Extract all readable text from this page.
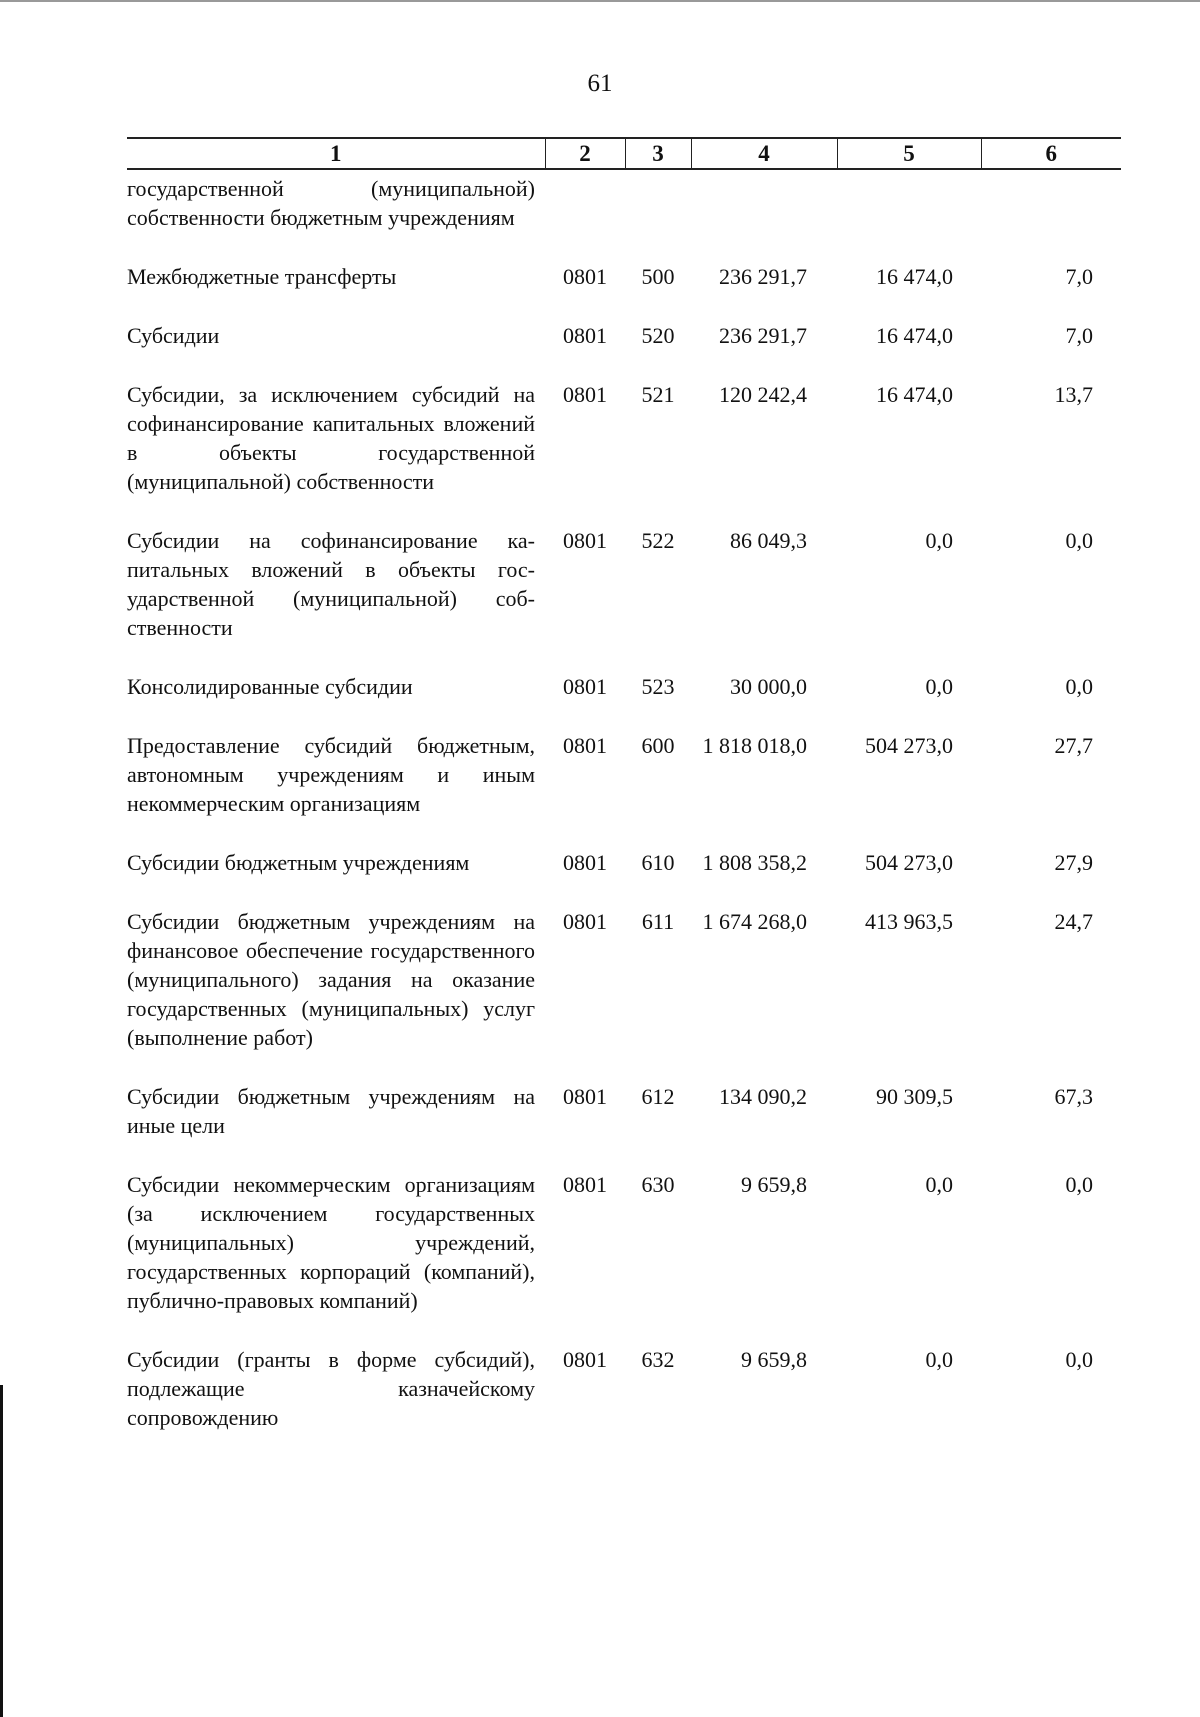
61
1	2	3	4	5	6
государственной (муниципальной) собственности бюджетным учреждениям					
Межбюджетные трансферты	0801	500	236 291,7	16 474,0	7,0
Субсидии	0801	520	236 291,7	16 474,0	7,0
Субсидии, за исключением субсидий на софинансирование капитальных вложений в объекты государственной (муниципальной) собственности	0801	521	120 242,4	16 474,0	13,7
Субсидии на софинансирование капитальных вложений в объекты государственной (муниципальной) собственности	0801	522	86 049,3	0,0	0,0
Консолидированные субсидии	0801	523	30 000,0	0,0	0,0
Предоставление субсидий бюджетным, автономным учреждениям и иным некоммерческим организациям	0801	600	1 818 018,0	504 273,0	27,7
Субсидии бюджетным учреждениям	0801	610	1 808 358,2	504 273,0	27,9
Субсидии бюджетным учреждениям на финансовое обеспечение государственного (муниципального) задания на оказание государственных (муниципальных) услуг (выполнение работ)	0801	611	1 674 268,0	413 963,5	24,7
Субсидии бюджетным учреждениям на иные цели	0801	612	134 090,2	90 309,5	67,3
Субсидии некоммерческим организациям (за исключением государственных (муниципальных) учреждений, государственных корпораций (компаний), публично-правовых компаний)	0801	630	9 659,8	0,0	0,0
Субсидии (гранты в форме субсидий), подлежащие казначейскому сопровождению	0801	632	9 659,8	0,0	0,0
